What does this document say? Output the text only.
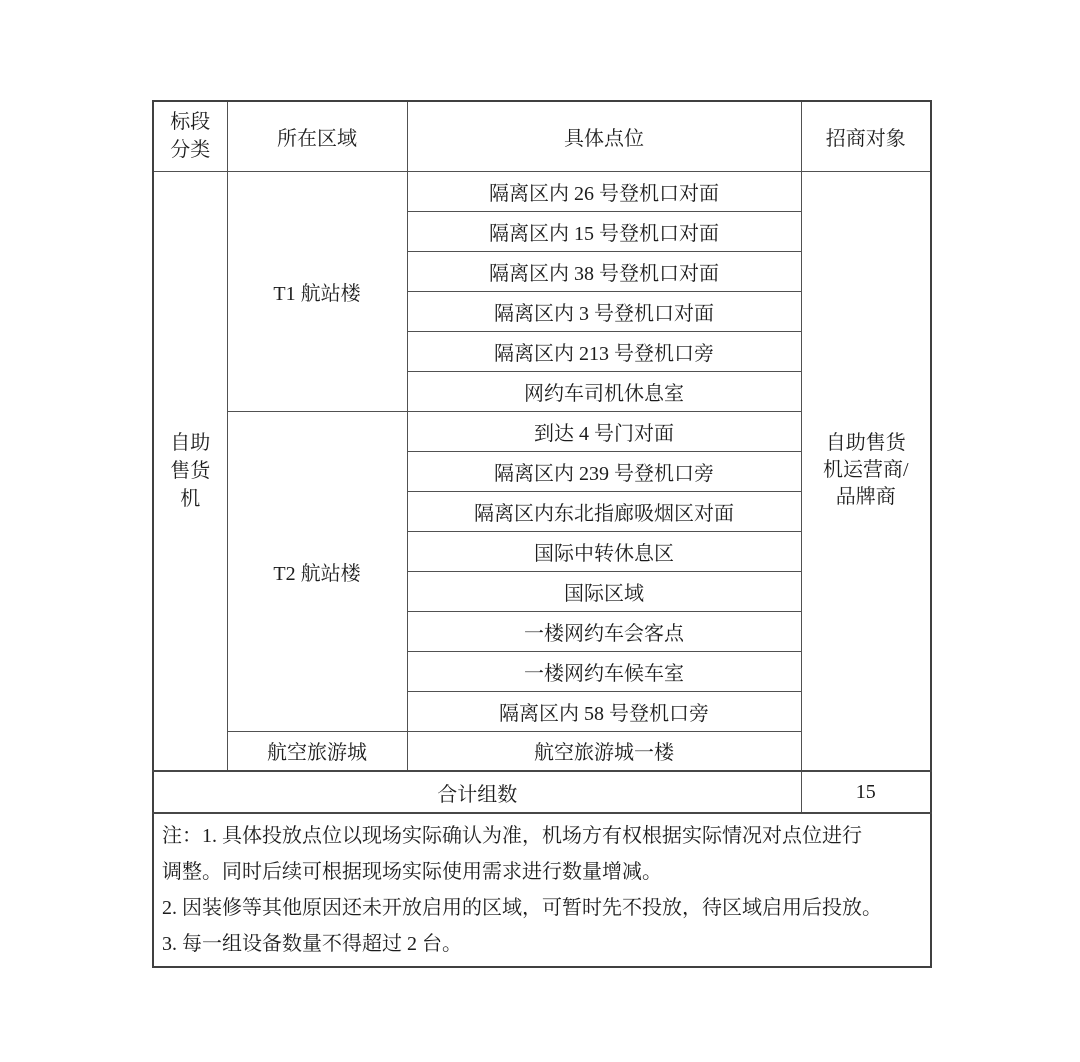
标段分类	所在区域	具体点位	招商对象

自助售货机	T1 航站楼	隔离区内 26 号登机口对面	自助售货机运营商/品牌商

		隔离区内 15 号登机口对面	
		隔离区内 38 号登机口对面	
		隔离区内 3 号登机口对面	
		隔离区内 213 号登机口旁	
		网约车司机休息室	
	T2 航站楼	到达 4 号门对面	
		隔离区内 239 号登机口旁	
		隔离区内东北指廊吸烟区对面	
		国际中转休息区	
		国际区域	
		一楼网约车会客点	
		一楼网约车候车室	
		隔离区内 58 号登机口旁	
	航空旅游城	航空旅游城一楼	
合计组数			15

注：1. 具体投放点位以现场实际确认为准，机场方有权根据实际情况对点位进行
调整。同时后续可根据现场实际使用需求进行数量增减。
2. 因装修等其他原因还未开放启用的区域，可暂时先不投放，待区域启用后投放。
3. 每一组设备数量不得超过 2 台。			
